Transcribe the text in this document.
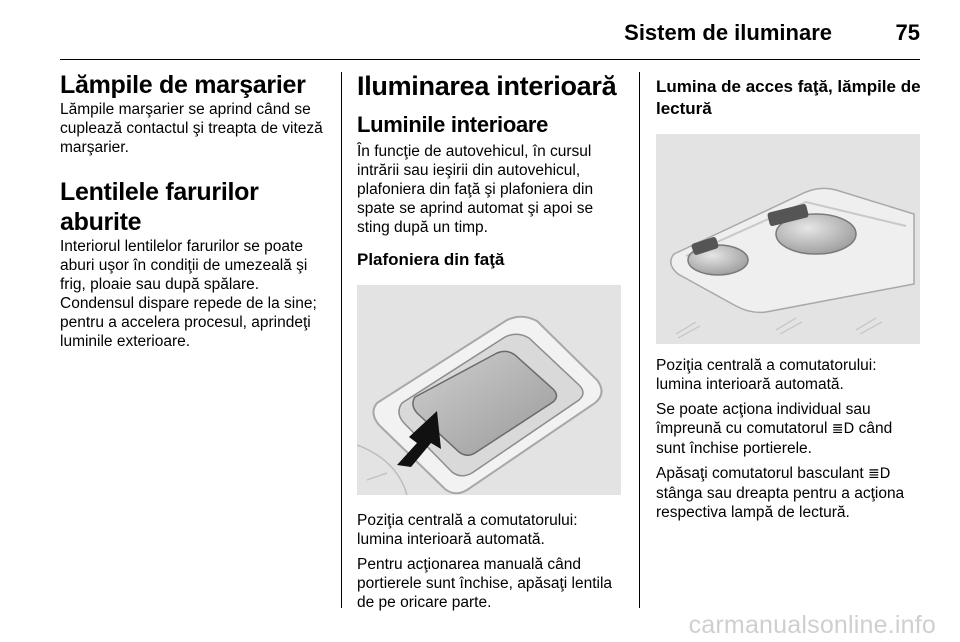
Sistem de iluminare	75
Lămpile de marşarier

Lămpile marşarier se aprind când se cuplează contactul şi treapta de viteză marşarier.

Lentilele farurilor aburite

Interiorul lentilelor farurilor se poate aburi uşor în condiţii de umezeală şi frig, ploaie sau după spălare. Condensul dispare repede de la sine; pentru a accelera procesul, aprindeţi luminile exterioare.

Iluminarea interioară
Luminile interioare

În funcţie de autovehicul, în cursul intrării sau ieşirii din autovehicul, plafoniera din faţă şi plafoniera din spate se aprind automat şi apoi se sting după un timp.

Plafoniera din faţă

Poziţia centrală a comutatorului: lumina interioară automată.

Pentru acţionarea manuală când portierele sunt închise, apăsaţi lentila de pe oricare parte.

Lumina de acces faţă, lămpile de lectură

Poziţia centrală a comutatorului: lumina interioară automată.

Se poate acţiona individual sau împreună cu comutatorul ≣D când sunt închise portierele.

Apăsaţi comutatorul basculant ≣D stânga sau dreapta pentru a acţiona respectiva lampă de lectură.

carmanualsonline.info
